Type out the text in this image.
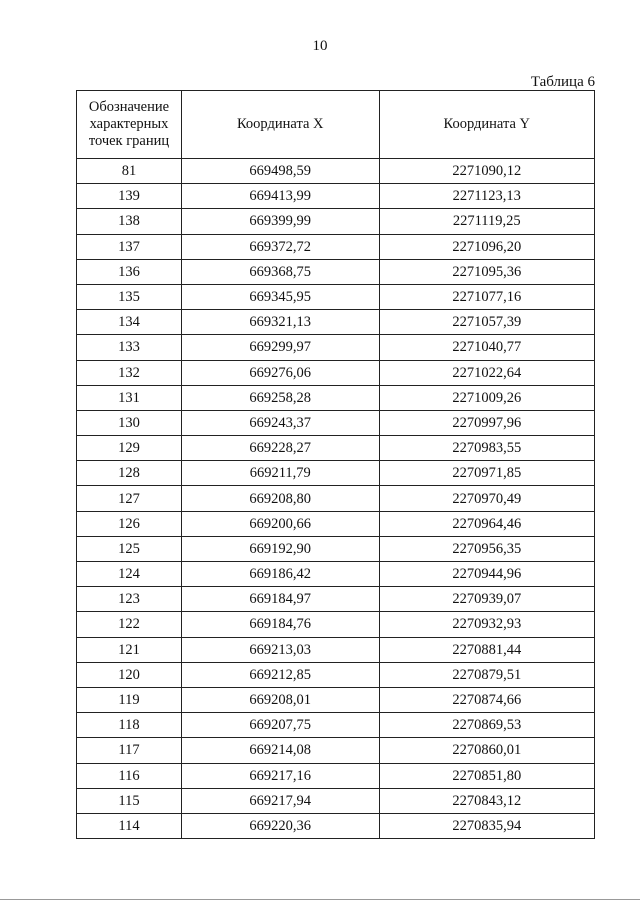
10
Таблица 6
Обозначение характерных точек границ	Координата X	Координата Y
81	669498,59	2271090,12
139	669413,99	2271123,13
138	669399,99	2271119,25
137	669372,72	2271096,20
136	669368,75	2271095,36
135	669345,95	2271077,16
134	669321,13	2271057,39
133	669299,97	2271040,77
132	669276,06	2271022,64
131	669258,28	2271009,26
130	669243,37	2270997,96
129	669228,27	2270983,55
128	669211,79	2270971,85
127	669208,80	2270970,49
126	669200,66	2270964,46
125	669192,90	2270956,35
124	669186,42	2270944,96
123	669184,97	2270939,07
122	669184,76	2270932,93
121	669213,03	2270881,44
120	669212,85	2270879,51
119	669208,01	2270874,66
118	669207,75	2270869,53
117	669214,08	2270860,01
116	669217,16	2270851,80
115	669217,94	2270843,12
114	669220,36	2270835,94
